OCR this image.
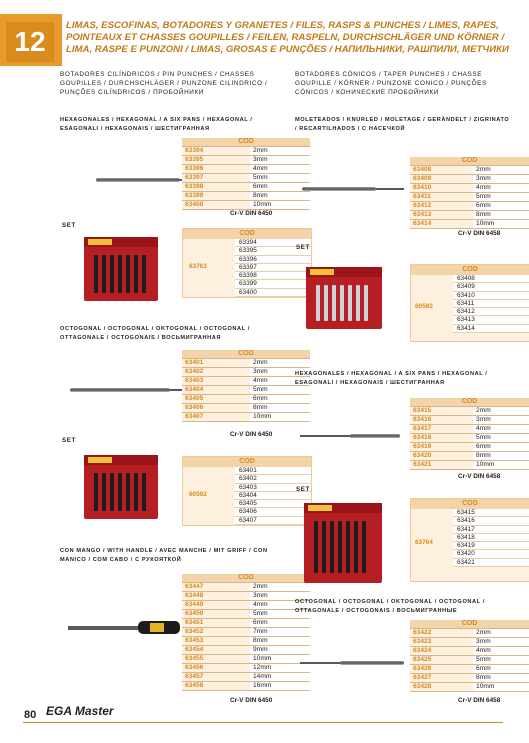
12
LIMAS, ESCOFINAS, BOTADORES Y GRANETES / FILES, RASPS & PUNCHES / LIMES, RAPES, POINTEAUX ET CHASSES GOUPILLES / FEILEN, RASPELN, DURCHSCHLÄGER UND KÖRNER / LIMA, RASPE E PUNZONI / LIMAS, GROSAS E PUNÇÕES / НАПИЛЬНИКИ, РАШПИЛИ, МЕТЧИКИ
BOTADORES CILÍNDRICOS / PIN PUNCHES / CHASSES GOUPILLES / DURCHSCHLÄGER / PUNZONE CILINDRICO / PUNÇÕES CILÍNDRICOS / ПРОБОЙНИКИ
HEXAGONALES / HEXAGONAL / A SIX PANS / HEXAGONAL / ESAGONALI / HEXAGONAIS / ШЕСТИГРАННАЯ
COD	
63394	2mm
63395	3mm
63396	4mm
63397	5mm
63398	6mm
63399	8mm
63400	10mm
Cr-V DIN 6450
SET
COD
63763
63394
63395
63396
63397
63398
63399
63400
OCTOGONAL / OCTOGONAL / OKTOGONAL / OCTOGONAL / OTTAGONALE / OCTOGONAIS / ВОСЬМИГРАННАЯ
COD	
63401	2mm
63402	3mm
63403	4mm
63404	5mm
63405	6mm
63406	8mm
63407	10mm
Cr-V DIN 6450
SET
COD
60592
63401
63402
63403
63404
63405
63406
63407
CON MANGO / WITH HANDLE / AVEC MANCHE / MIT GRIFF / CON MANICO / COM CABO / С РУКОЯТКОЙ
COD	
63447	2mm
63448	3mm
63449	4mm
63450	5mm
63451	6mm
63452	7mm
63453	8mm
63454	9mm
63455	10mm
63456	12mm
63457	14mm
63458	16mm
Cr-V DIN 6450
BOTADORES CÓNICOS / TAPER PUNCHES / CHASSE GOUPILLE / KÖRNER / PUNZONE CONICO / PUNÇÕES CÓNICOS / КОНИЧЕСКИЕ ПРОБОЙНИКИ
MOLETEADOS / KNURLED / MOLETAGE / GERÄNDELT / ZIGRINATO / RECARTILHADOS / С НАСЕЧКОЙ
COD	
63408	2mm
63409	3mm
63410	4mm
63411	5mm
63412	6mm
63413	8mm
63414	10mm
Cr-V DIN 6458
SET
COD
60593
63408
63409
63410
63411
63412
63413
63414
HEXAGONALES / HEXAGONAL / A SIX PANS / HEXAGONAL / ESAGONALI / HEXAGONAIS / ШЕСТИГРАННАЯ
COD	
63415	2mm
63416	3mm
63417	4mm
63418	5mm
63419	6mm
63420	8mm
63421	10mm
Cr-V DIN 6458
SET
COD
63764
63415
63416
63417
63418
63419
63420
63421
OCTOGONAL / OCTOGONAL / OKTOGONAL / OCTOGONAL / OTTAGONALE / OCTOGONAIS / ВОСЬМИГРАННЫЕ
COD	
63422	2mm
63423	3mm
63424	4mm
63425	5mm
63426	6mm
63427	8mm
63428	10mm
Cr-V DIN 6458
80 EGA Master
